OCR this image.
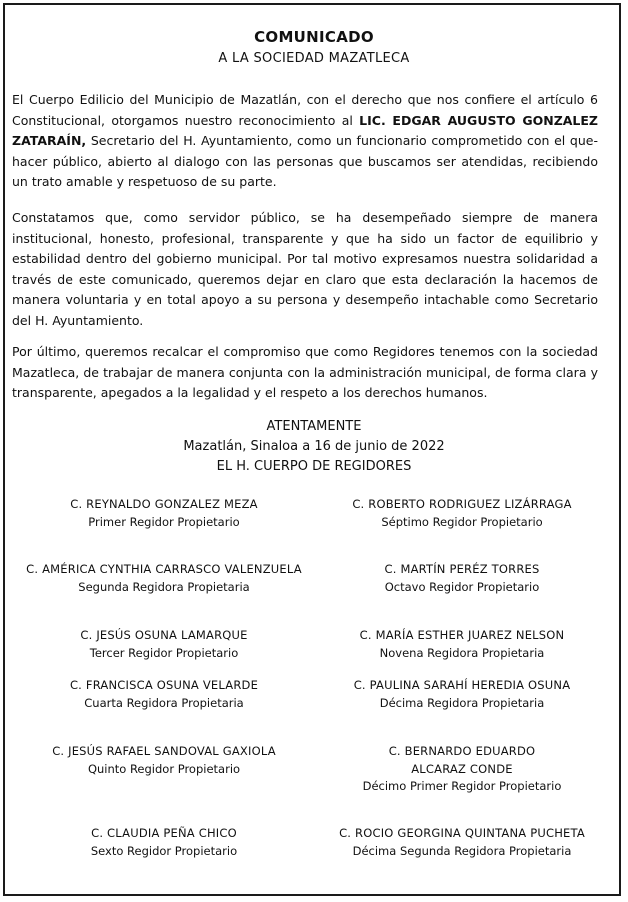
COMUNICADO
A LA SOCIEDAD MAZATLECA

El Cuerpo Edilicio del Municipio de Mazatlán, con el derecho que nos confiere el artículo 6 Constitucional, otorgamos nuestro reconocimiento al LIC. EDGAR AUGUSTO GONZALEZ ZATARAÍN, Secretario del H. Ayuntamiento, como un funcionario comprometido con el que-hacer público, abierto al dialogo con las personas que buscamos ser atendidas, recibiendo un trato amable y respetuoso de su parte.

Constatamos que, como servidor público, se ha desempeñado siempre de manera institucional, honesto, profesional, transparente y que ha sido un factor de equilibrio y estabilidad dentro del gobierno municipal. Por tal motivo expresamos nuestra solidaridad a través de este comunicado, queremos dejar en claro que esta declaración la hacemos de manera voluntaria y en total apoyo a su persona y desempeño intachable como Secretario del H. Ayuntamiento.

Por último, queremos recalcar el compromiso que como Regidores tenemos con la sociedad Mazatleca, de trabajar de manera conjunta con la administración municipal, de forma clara y transparente, apegados a la legalidad y el respeto a los derechos humanos.

ATENTAMENTE
Mazatlán, Sinaloa a 16 de junio de 2022
EL H. CUERPO DE REGIDORES
C. REYNALDO GONZALEZ MEZA
Primer Regidor Propietario
C. AMÉRICA CYNTHIA CARRASCO VALENZUELA
Segunda Regidora Propietaria
C. JESÚS OSUNA LAMARQUE
Tercer Regidor Propietario
C. FRANCISCA OSUNA VELARDE
Cuarta Regidora Propietaria
C. JESÚS RAFAEL SANDOVAL GAXIOLA
Quinto Regidor Propietario
C. CLAUDIA PEÑA CHICO
Sexto Regidor Propietario
C. ROBERTO RODRIGUEZ LIZÁRRAGA
Séptimo Regidor Propietario
C. MARTÍN PERÉZ TORRES
Octavo Regidor Propietario
C. MARÍA ESTHER JUAREZ NELSON
Novena Regidora Propietaria
C. PAULINA SARAHÍ HEREDIA OSUNA
Décima Regidora Propietaria
C. BERNARDO EDUARDO
ALCARAZ CONDE
Décimo Primer Regidor Propietario
C. ROCIO GEORGINA QUINTANA PUCHETA
Décima Segunda Regidora Propietaria
